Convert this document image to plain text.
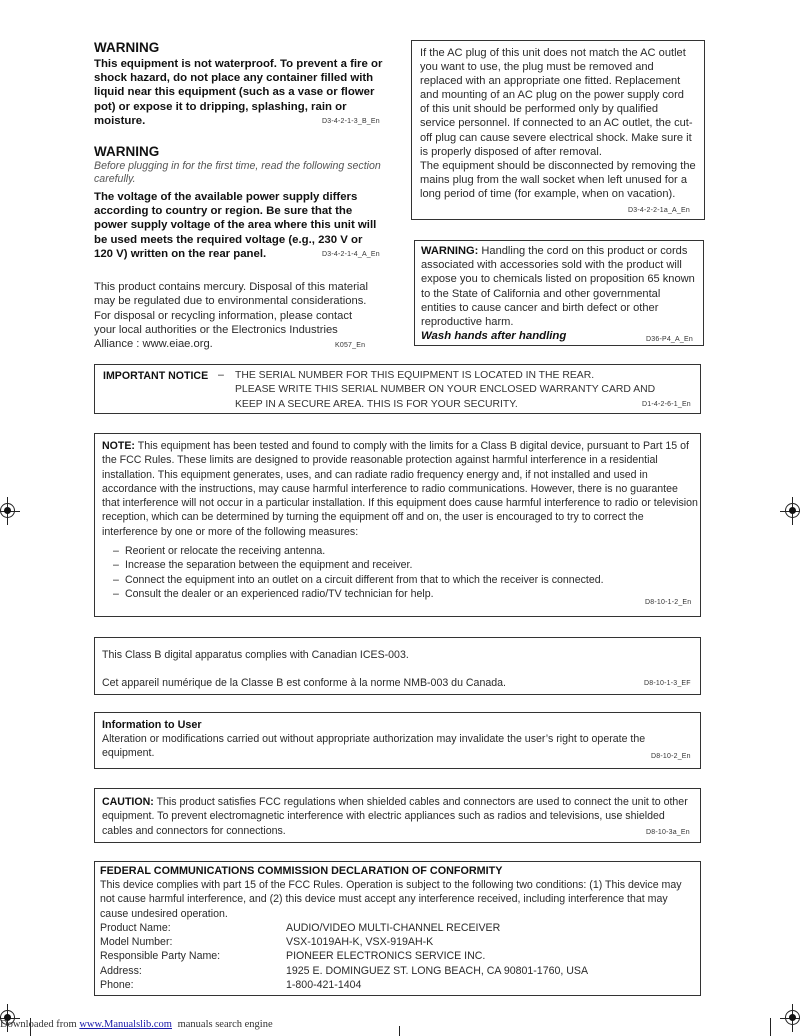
WARNING
This equipment is not waterproof. To prevent a fire or shock hazard, do not place any container filled with liquid near this equipment (such as a vase or flower pot) or expose it to dripping, splashing, rain or moisture.	D3-4-2-1-3_B_En
WARNING
Before plugging in for the first time, read the following section carefully.
The voltage of the available power supply differs according to country or region. Be sure that the power supply voltage of the area where this unit will be used meets the required voltage (e.g., 230 V or 120 V) written on the rear panel.	D3-4-2-1-4_A_En
This product contains mercury. Disposal of this material may be regulated due to environmental considerations. For disposal or recycling information, please contact your local authorities or the Electronics Industries Alliance : www.eiae.org.	K057_En
If the AC plug of this unit does not match the AC outlet you want to use, the plug must be removed and replaced with an appropriate one fitted. Replacement and mounting of an AC plug on the power supply cord of this unit should be performed only by qualified service personnel. If connected to an AC outlet, the cut-off plug can cause severe electrical shock. Make sure it is properly disposed of after removal.
The equipment should be disconnected by removing the mains plug from the wall socket when left unused for a long period of time (for example, when on vacation).
D3-4-2-2-1a_A_En
WARNING: Handling the cord on this product or cords associated with accessories sold with the product will expose you to chemicals listed on proposition 65 known to the State of California and other governmental entities to cause cancer and birth defect or other reproductive harm.
Wash hands after handling	D36-P4_A_En
IMPORTANT NOTICE – THE SERIAL NUMBER FOR THIS EQUIPMENT IS LOCATED IN THE REAR.
PLEASE WRITE THIS SERIAL NUMBER ON YOUR ENCLOSED WARRANTY CARD AND
KEEP IN A SECURE AREA. THIS IS FOR YOUR SECURITY.	D1-4-2-6-1_En
NOTE: This equipment has been tested and found to comply with the limits for a Class B digital device, pursuant to Part 15 of the FCC Rules. These limits are designed to provide reasonable protection against harmful interference in a residential installation. This equipment generates, uses, and can radiate radio frequency energy and, if not installed and used in accordance with the instructions, may cause harmful interference to radio communications. However, there is no guarantee that interference will not occur in a particular installation. If this equipment does cause harmful interference to radio or television reception, which can be determined by turning the equipment off and on, the user is encouraged to try to correct the interference by one or more of the following measures:
– Reorient or relocate the receiving antenna.
– Increase the separation between the equipment and receiver.
– Connect the equipment into an outlet on a circuit different from that to which the receiver is connected.
– Consult the dealer or an experienced radio/TV technician for help.
D8-10-1-2_En
This Class B digital apparatus complies with Canadian ICES-003.
Cet appareil numérique de la Classe B est conforme à la norme NMB-003 du Canada.	D8-10-1-3_EF
Information to User
Alteration or modifications carried out without appropriate authorization may invalidate the user’s right to operate the equipment.	D8-10-2_En
CAUTION: This product satisfies FCC regulations when shielded cables and connectors are used to connect the unit to other equipment. To prevent electromagnetic interference with electric appliances such as radios and televisions, use shielded cables and connectors for connections.	D8-10-3a_En
FEDERAL COMMUNICATIONS COMMISSION DECLARATION OF CONFORMITY
This device complies with part 15 of the FCC Rules. Operation is subject to the following two conditions: (1) This device may not cause harmful interference, and (2) this device must accept any interference received, including interference that may cause undesired operation.
Product Name:	AUDIO/VIDEO MULTI-CHANNEL RECEIVER
Model Number:	VSX-1019AH-K, VSX-919AH-K
Responsible Party Name:	PIONEER ELECTRONICS SERVICE INC.
Address:	1925 E. DOMINGUEZ ST. LONG BEACH, CA 90801-1760, USA
Phone:	1-800-421-1404
Downloaded from www.Manualslib.com manuals search engine
